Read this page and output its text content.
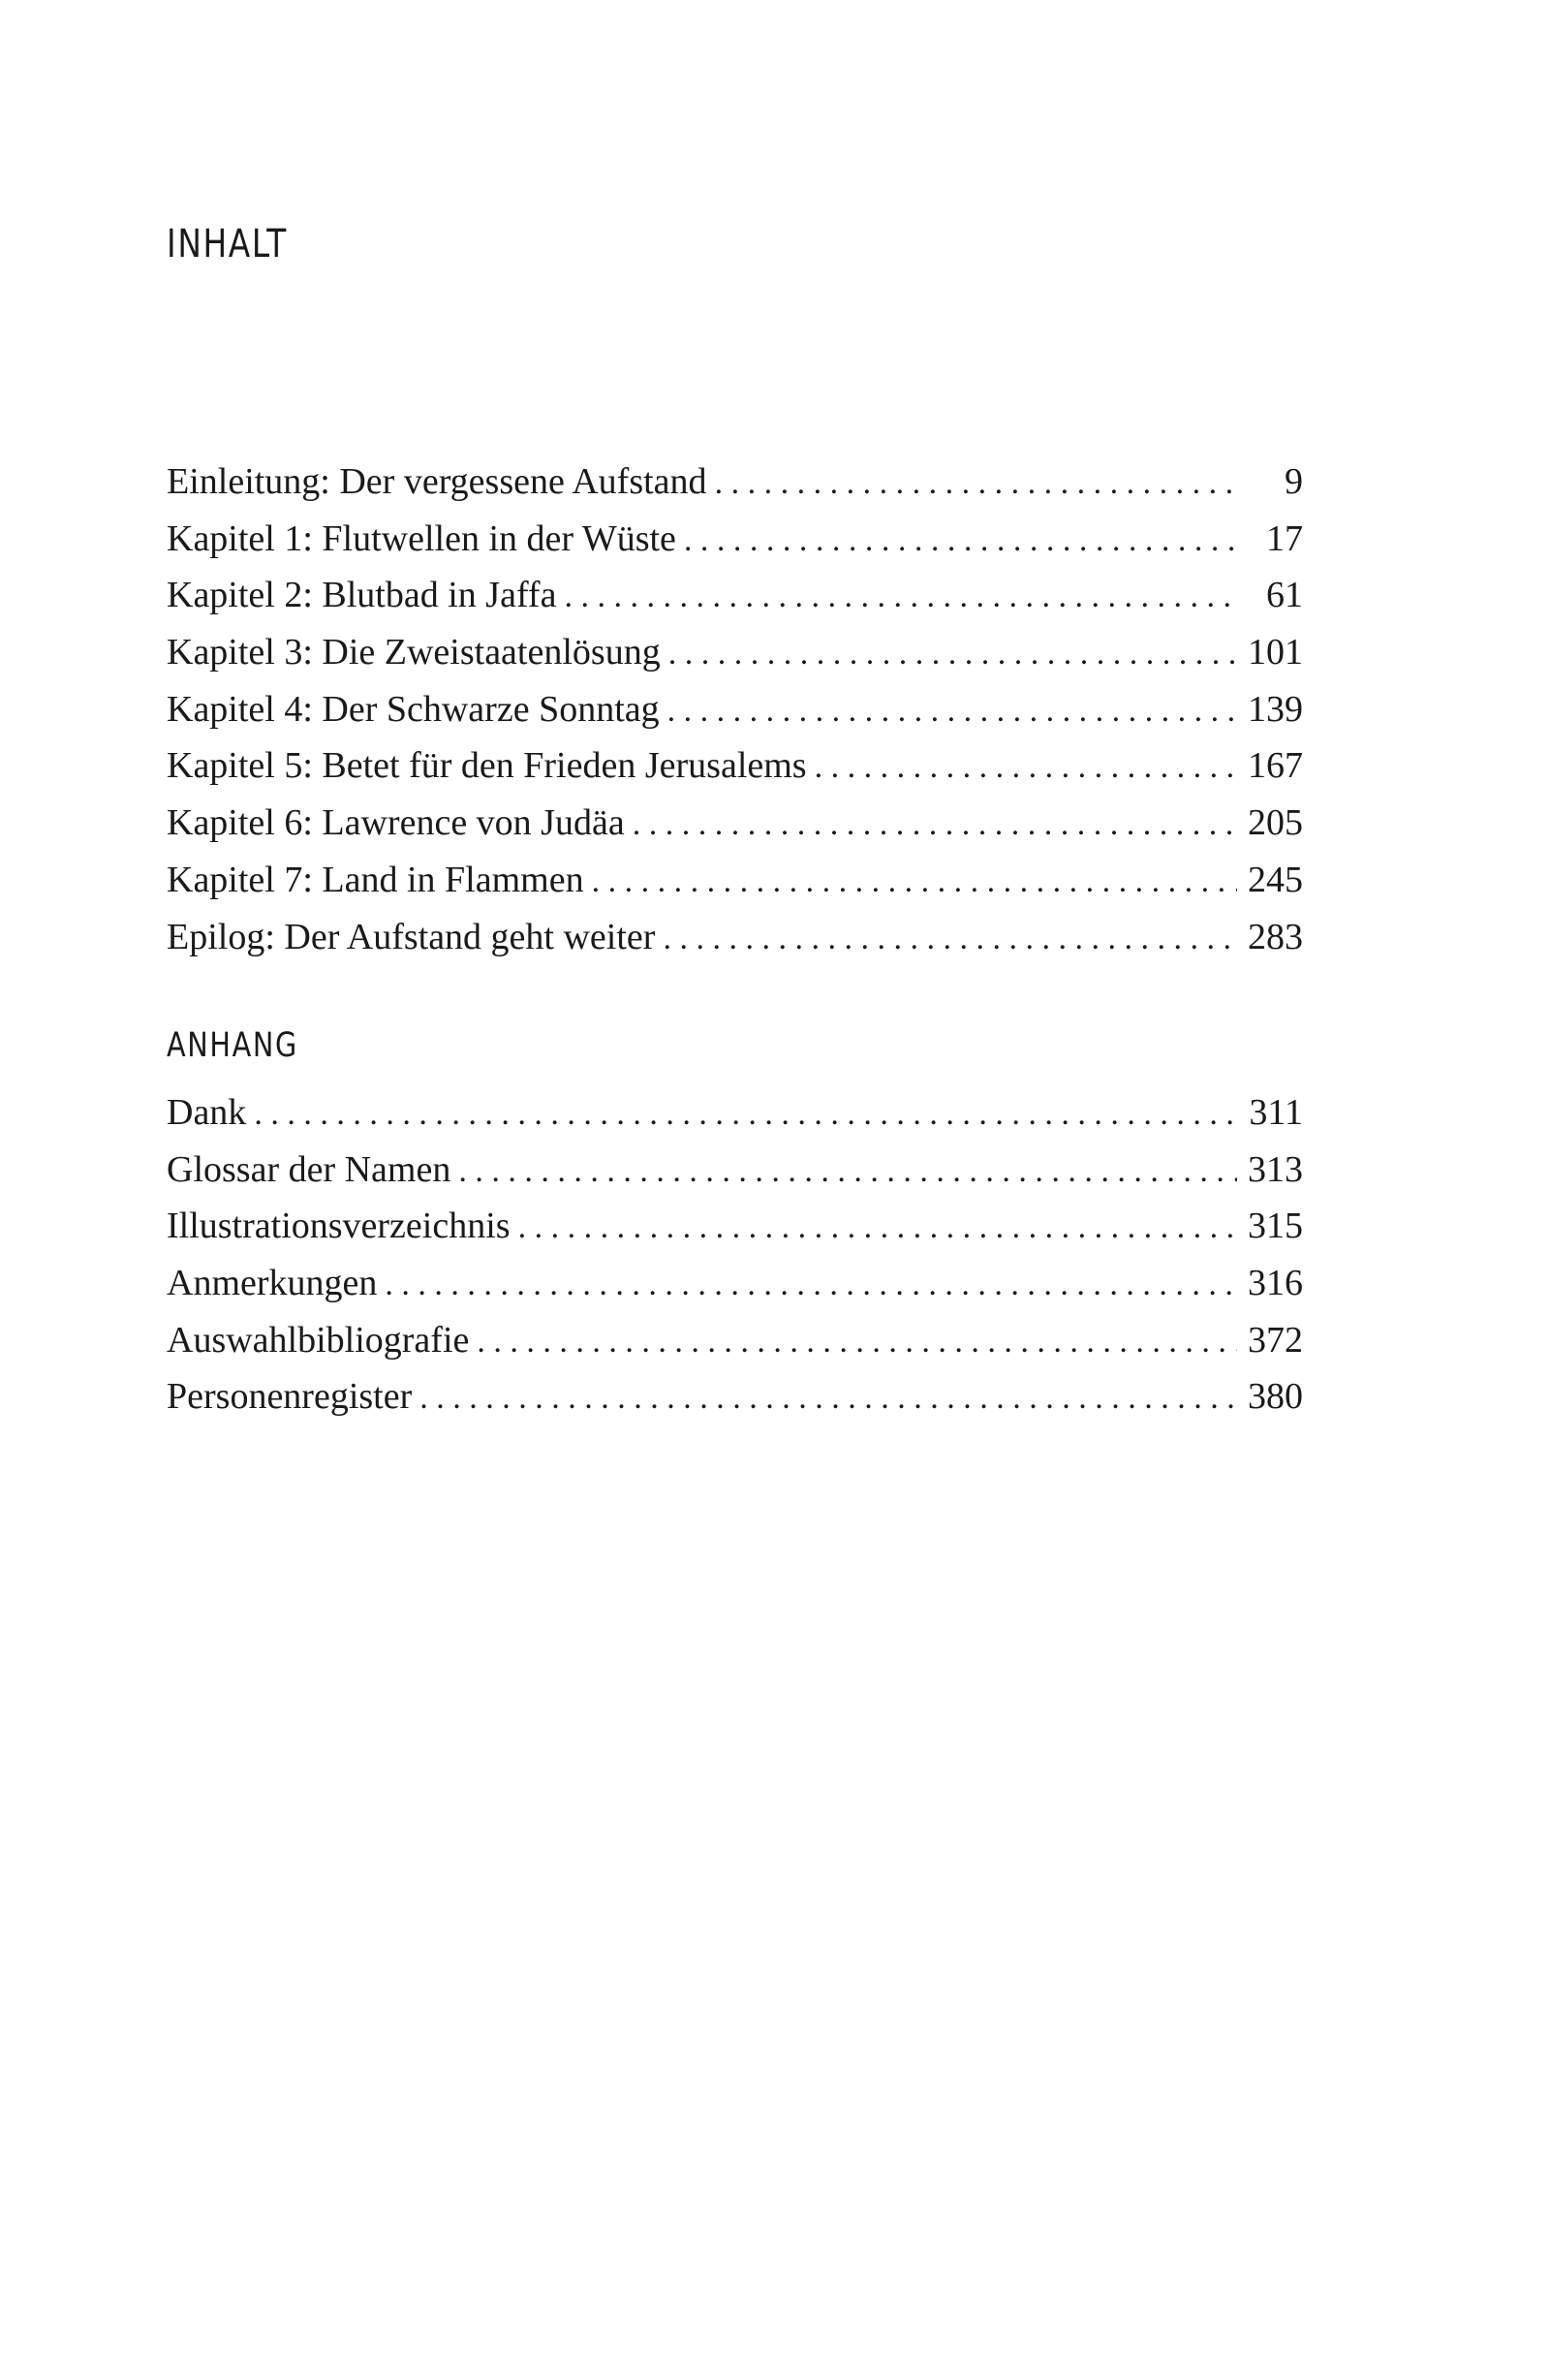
INHALT
Einleitung: Der vergessene Aufstand . . .	9
Kapitel 1: Flutwellen in der Wüste . . .	17
Kapitel 2: Blutbad in Jaffa . . .	61
Kapitel 3: Die Zweistaatenlösung . . .	101
Kapitel 4: Der Schwarze Sonntag . . .	139
Kapitel 5: Betet für den Frieden Jerusalems . . .	167
Kapitel 6: Lawrence von Judäa . . .	205
Kapitel 7: Land in Flammen . . .	245
Epilog: Der Aufstand geht weiter . . .	283
ANHANG
Dank . . .	311
Glossar der Namen . . .	313
Illustrationsverzeichnis . . .	315
Anmerkungen . . .	316
Auswahlbibliografie . . .	372
Personenregister . . .	380
